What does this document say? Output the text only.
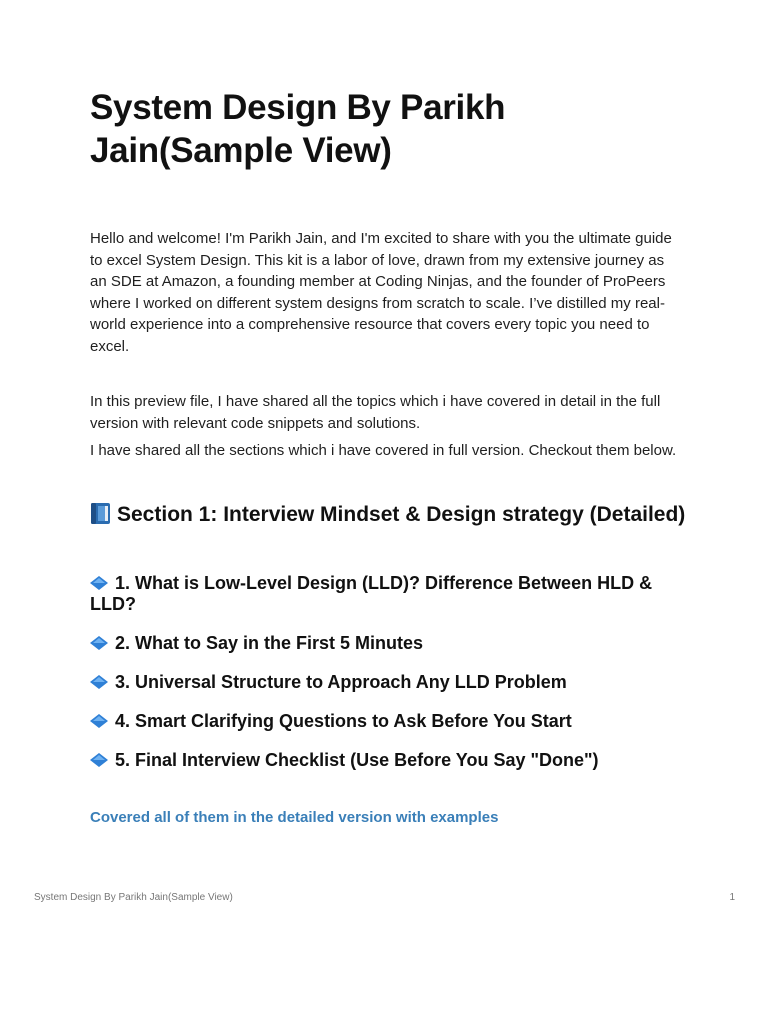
System Design By Parikh Jain(Sample View)

Hello and welcome! I'm Parikh Jain, and I'm excited to share with you the ultimate guide to excel System Design. This kit is a labor of love, drawn from my extensive journey as an SDE at Amazon, a founding member at Coding Ninjas, and the founder of ProPeers where I worked on different system designs from scratch to scale. I’ve distilled my real-world experience into a comprehensive resource that covers every topic you need to excel.

In this preview file, I have shared all the topics which i have covered in detail in the full version with relevant code snippets and solutions.

I have shared all the sections which i have covered in full version. Checkout them below.

Section 1: Interview Mindset & Design strategy (Detailed)
1. What is Low-Level Design (LLD)? Difference Between HLD & LLD?
2. What to Say in the First 5 Minutes
3. Universal Structure to Approach Any LLD Problem
4. Smart Clarifying Questions to Ask Before You Start
5. Final Interview Checklist (Use Before You Say "Done")

Covered all of them in the detailed version with examples

System Design By Parikh Jain(Sample View)	1
